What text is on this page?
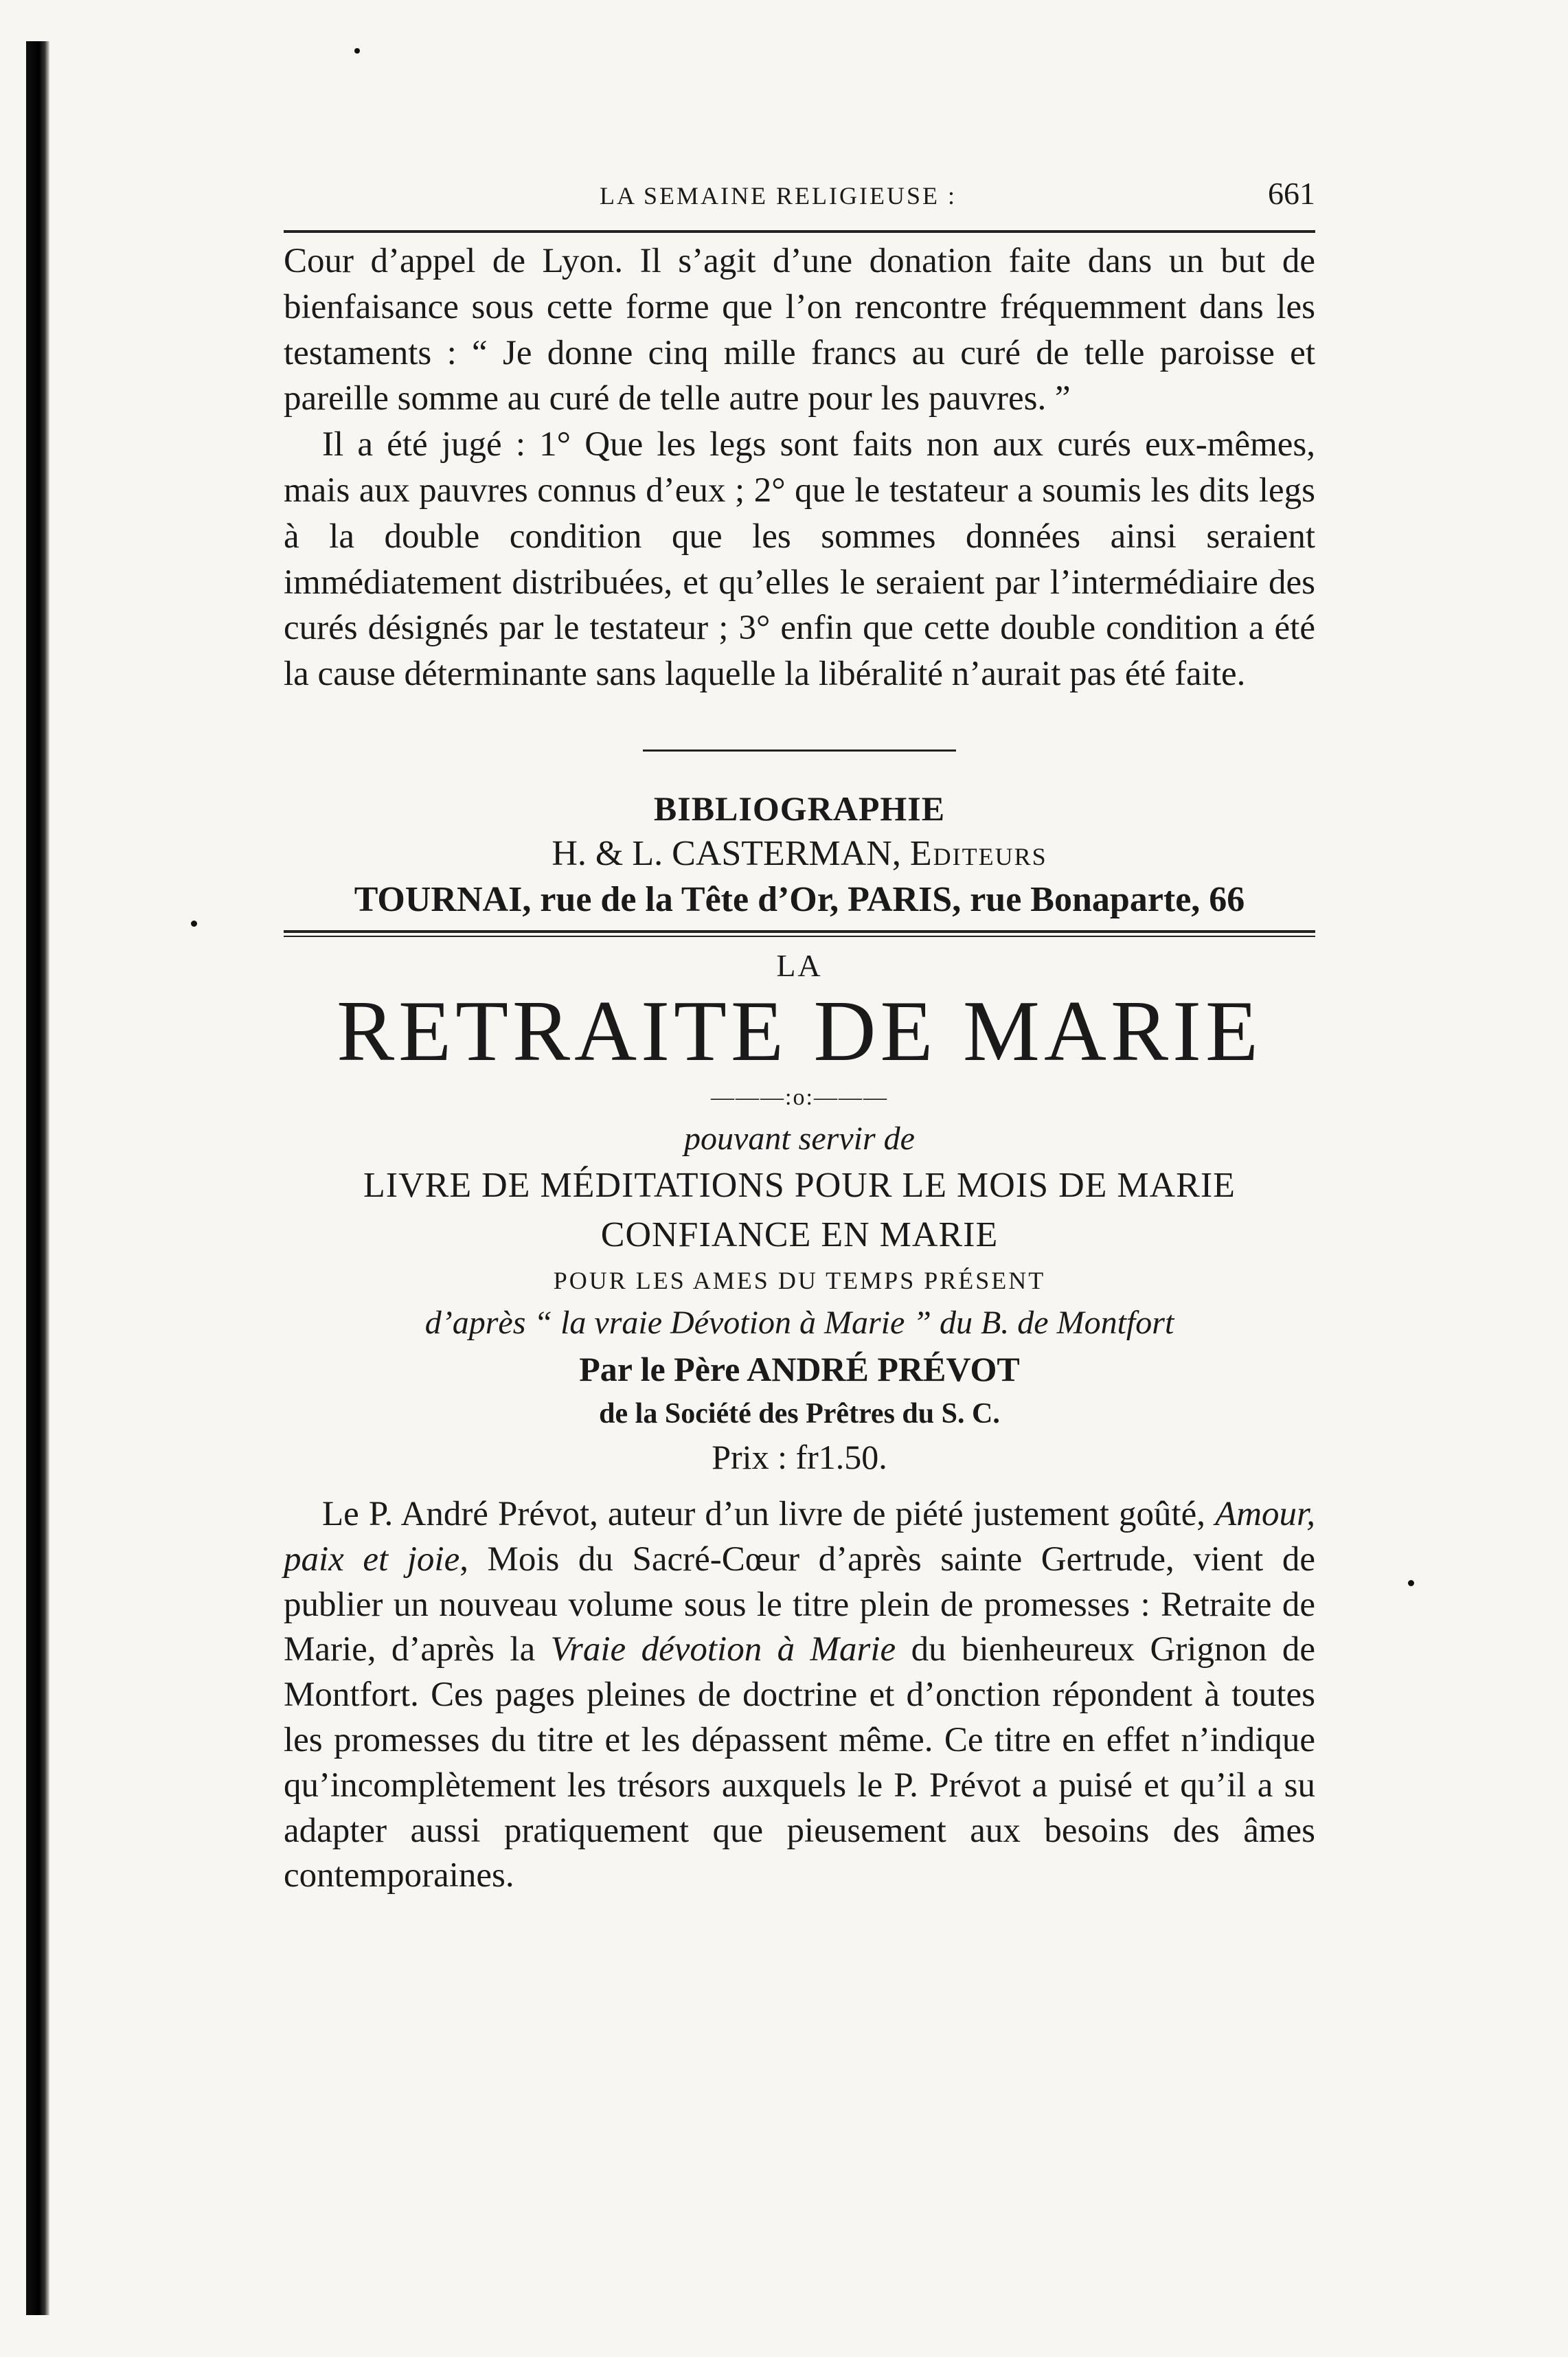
LA SEMAINE RELIGIEUSE :	661

Cour d’appel de Lyon. Il s’agit d’une donation faite dans un but de bienfaisance sous cette forme que l’on rencontre fréquemment dans les testaments : “ Je donne cinq mille francs au curé de telle paroisse et pareille somme au curé de telle autre pour les pauvres. ”

Il a été jugé : 1° Que les legs sont faits non aux curés eux-mêmes, mais aux pauvres connus d’eux ; 2° que le testateur a soumis les dits legs à la double condition que les sommes données ainsi seraient immédiatement distribuées, et qu’elles le seraient par l’intermédiaire des curés désignés par le testateur ; 3° enfin que cette double condition a été la cause déterminante sans laquelle la libéralité n’aurait pas été faite.

BIBLIOGRAPHIE
H. & L. CASTERMAN, Editeurs
TOURNAI, rue de la Tête d’Or, PARIS, rue Bonaparte, 66
LA
RETRAITE DE MARIE
———:o:———
pouvant servir de
LIVRE DE MÉDITATIONS POUR LE MOIS DE MARIE
CONFIANCE EN MARIE
POUR LES AMES DU TEMPS PRÉSENT
d’après “ la vraie Dévotion à Marie ” du B. de Montfort
Par le Père ANDRÉ PRÉVOT
de la Société des Prêtres du S. C.
Prix : fr1.50.

Le P. André Prévot, auteur d’un livre de piété justement goûté, Amour, paix et joie, Mois du Sacré-Cœur d’après sainte Gertrude, vient de publier un nouveau volume sous le titre plein de promesses : Retraite de Marie, d’après la Vraie dévotion à Marie du bienheureux Grignon de Montfort. Ces pages pleines de doctrine et d’onction répondent à toutes les promesses du titre et les dépassent même. Ce titre en effet n’indique qu’incomplètement les trésors auxquels le P. Prévot a puisé et qu’il a su adapter aussi pratiquement que pieusement aux besoins des âmes contemporaines.
